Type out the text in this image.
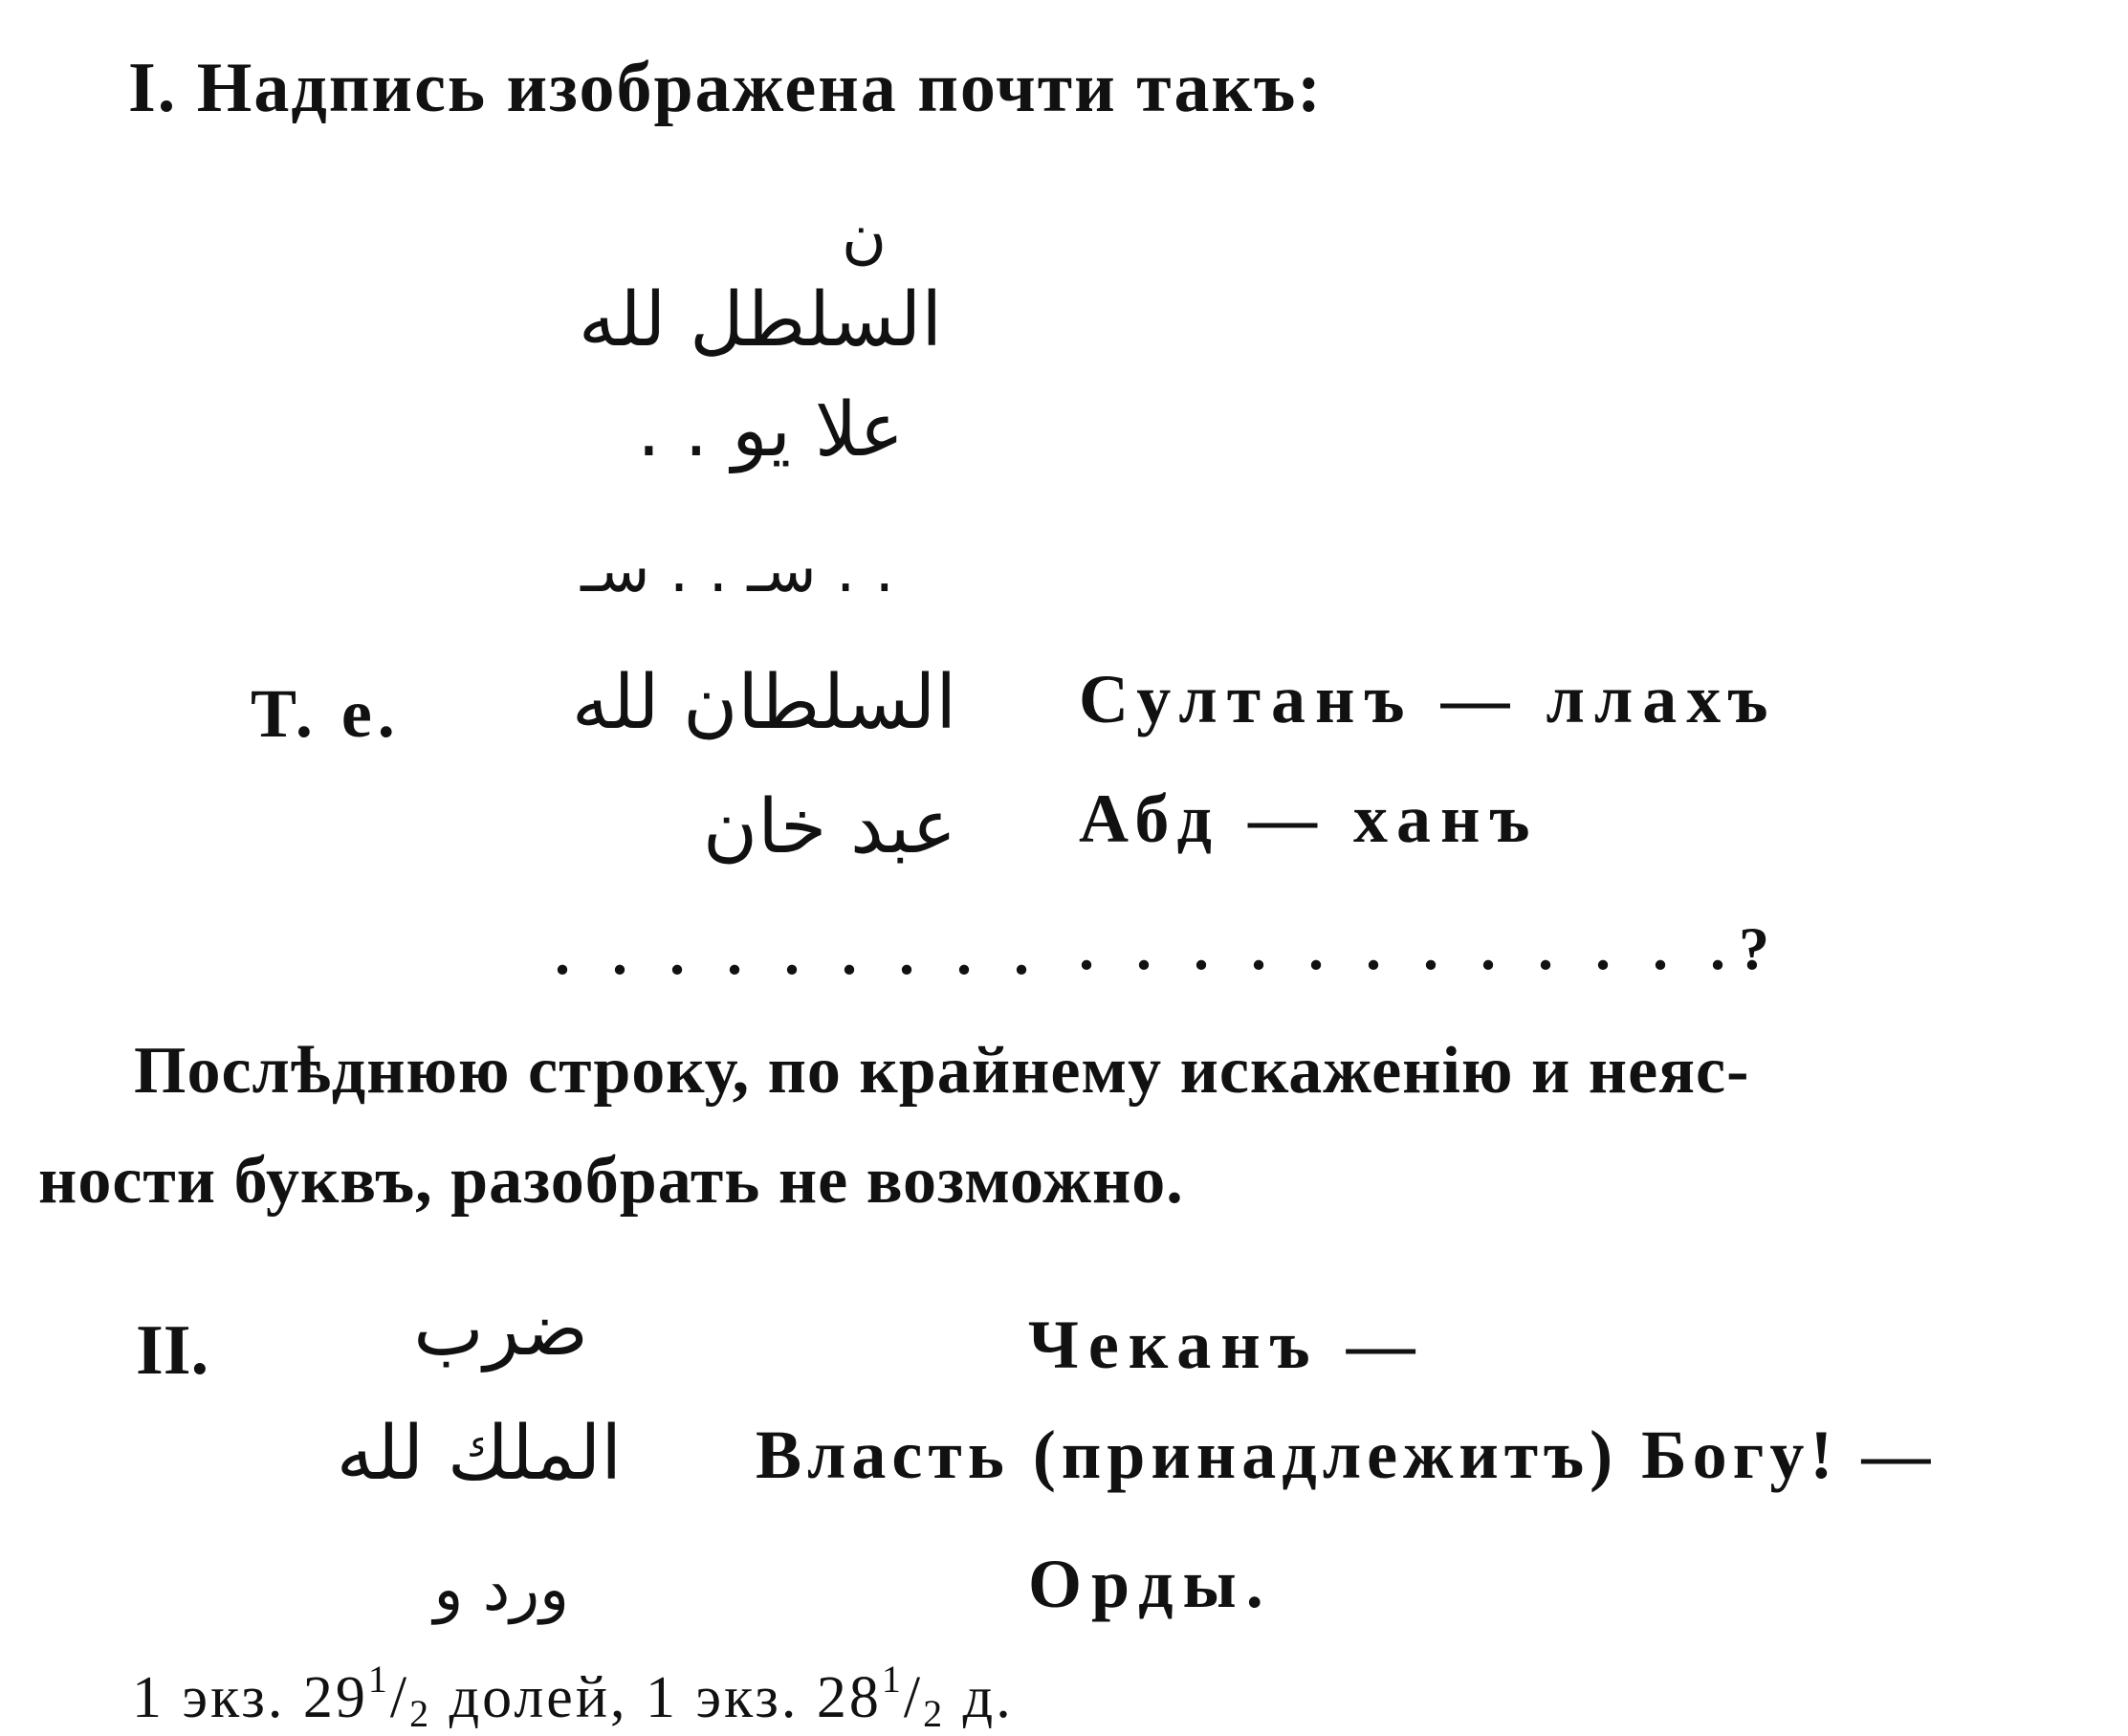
I. Надпись изображена почти такъ:
ن
السلطل لله
علا يو . .
. . سـ . . سـ
Т. е. السلطان لله
عبد خان
. . . . . . . . .
Султанъ — ллахъ
Абд — ханъ
. . . . . . . . . . . .?
Послѣднюю строку, по крайнему искаженію и неяс-
ности буквъ, разобрать не возможно.
II.	ضرب
الملك لله
ورد و
Чеканъ —
Власть (принадлежитъ) Богу! —
Орды.
1 экз. $29^1/_2$ долей, 1 экз. $28^1/_2$ д.
